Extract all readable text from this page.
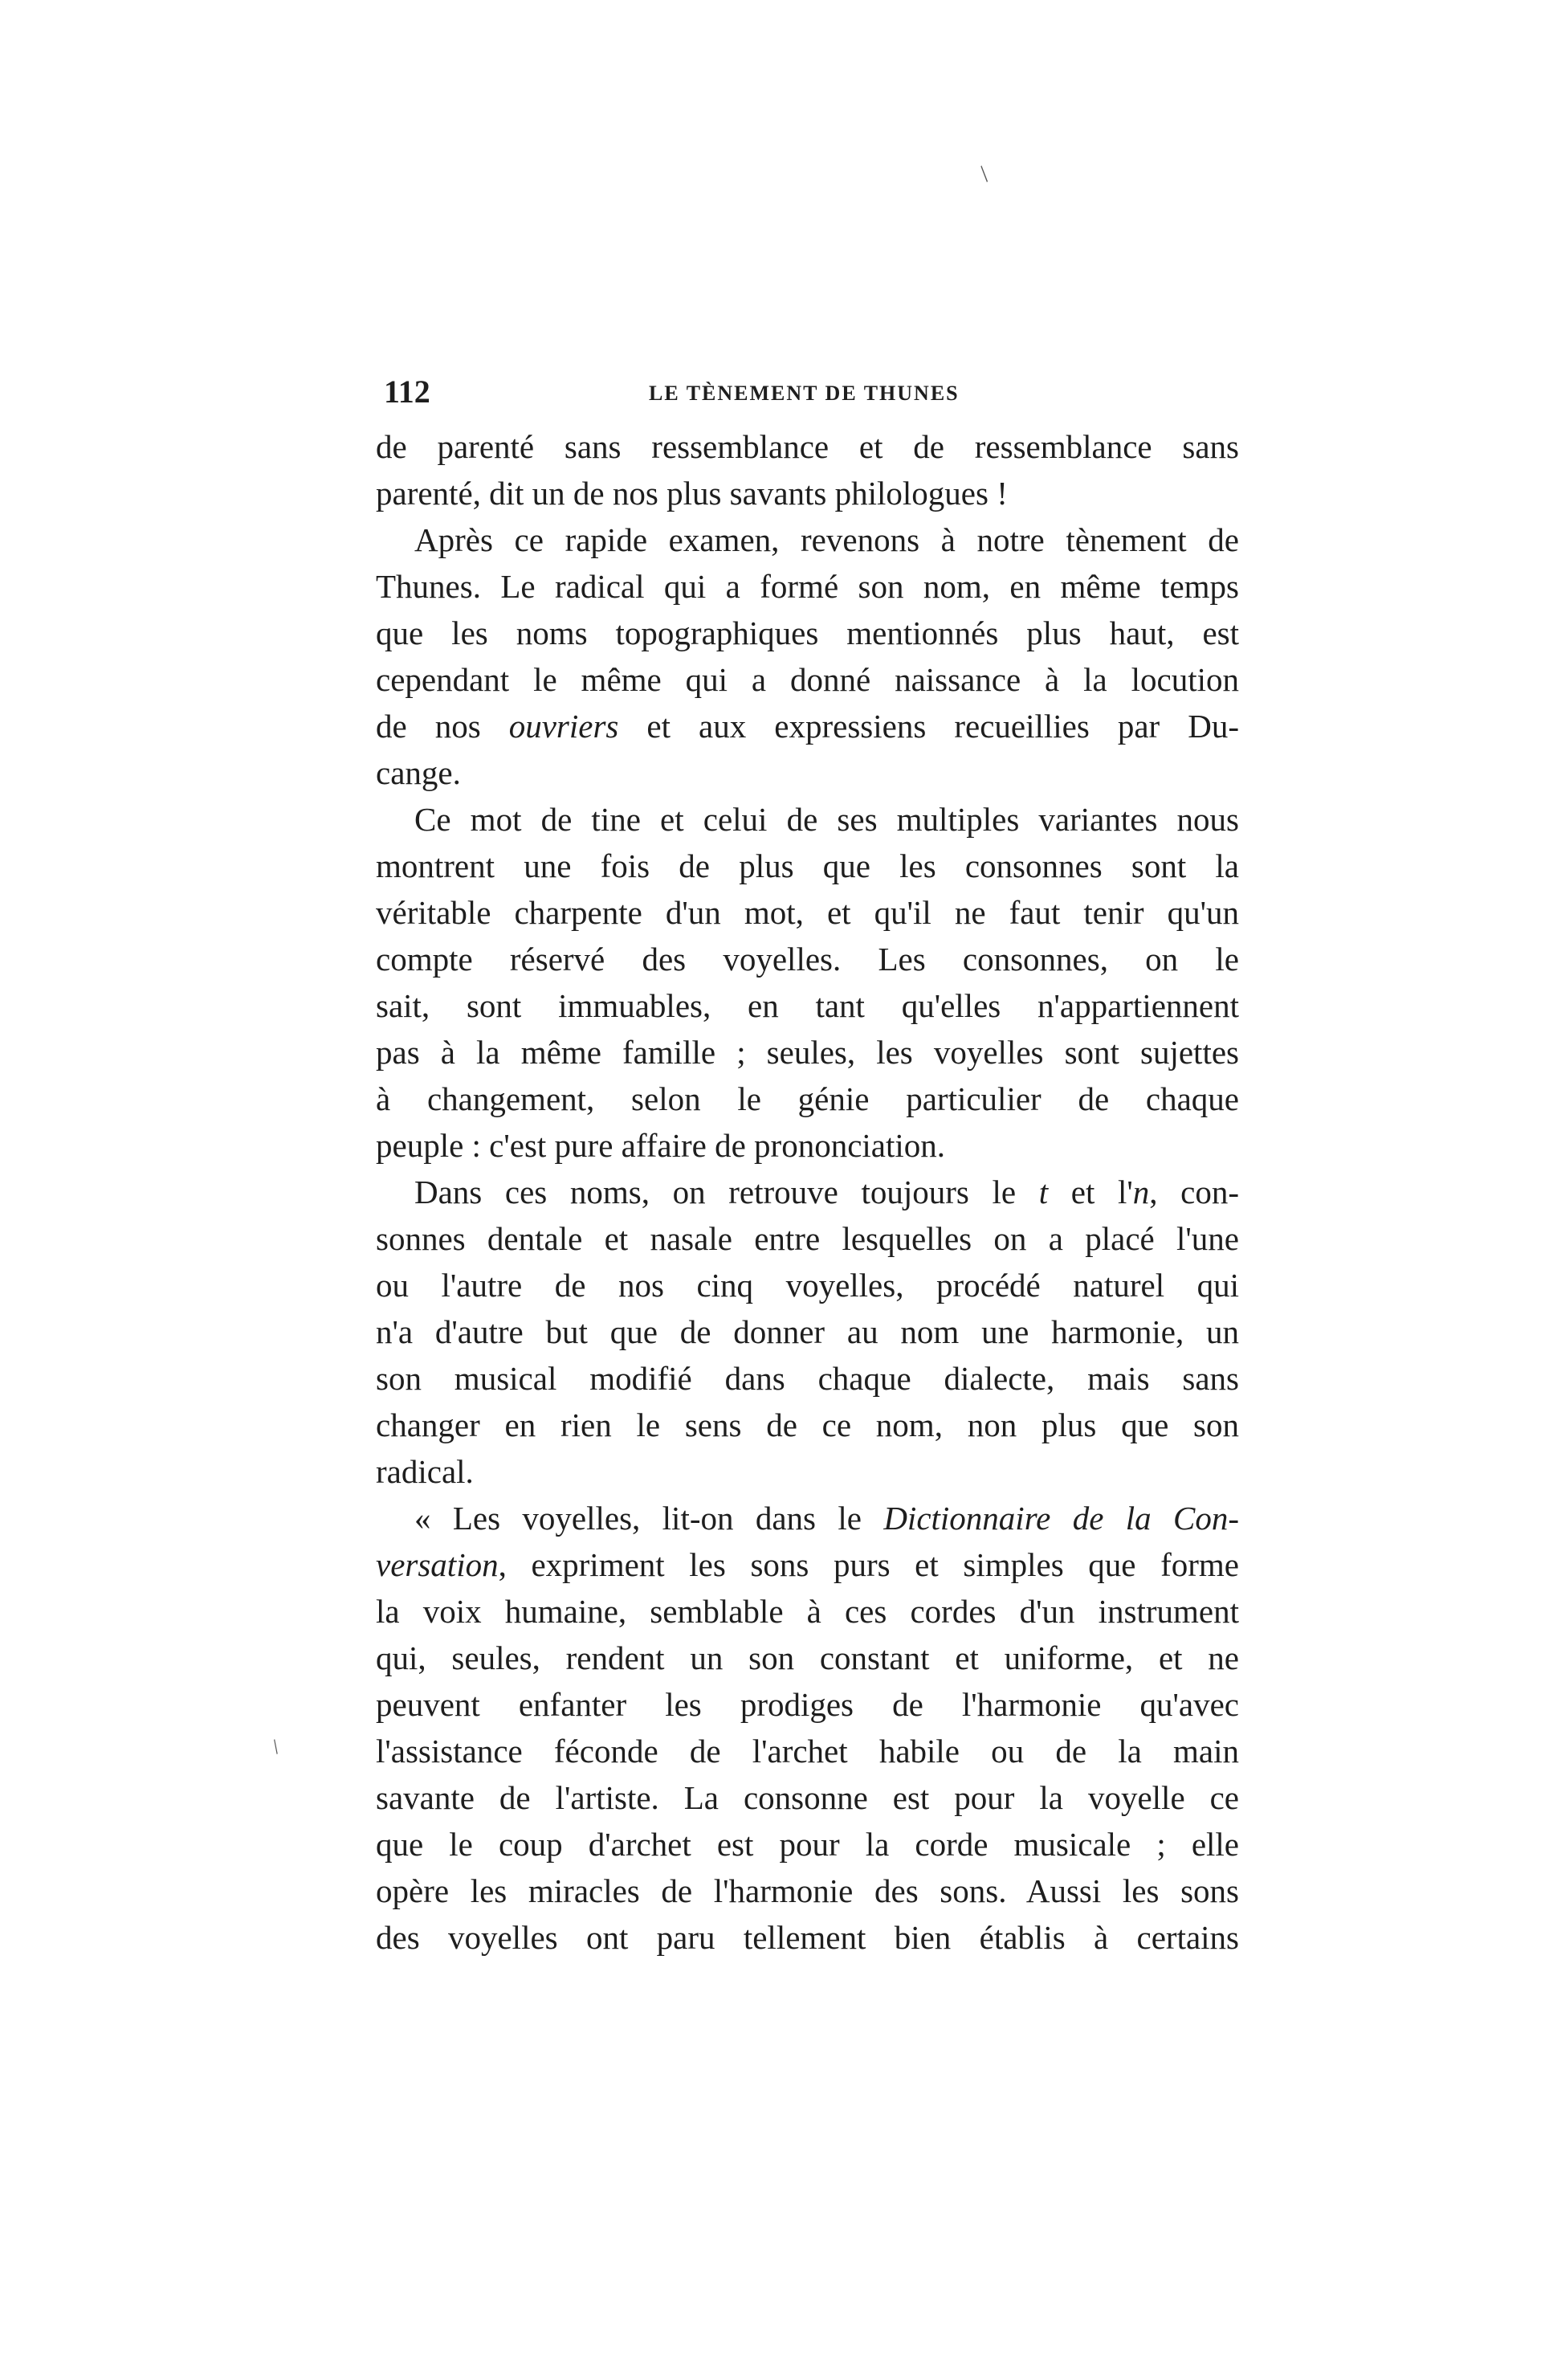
112	LE TÈNEMENT DE THUNES
de parenté sans ressemblance et de ressemblance sans
parenté, dit un de nos plus savants philologues !
Après ce rapide examen, revenons à notre tènement de
Thunes. Le radical qui a formé son nom, en même temps
que les noms topographiques mentionnés plus haut, est
cependant le même qui a donné naissance à la locution
de nos ouvriers et aux expressiens recueillies par Du-
cange.
Ce mot de tine et celui de ses multiples variantes nous
montrent une fois de plus que les consonnes sont la
véritable charpente d'un mot, et qu'il ne faut tenir qu'un
compte réservé des voyelles. Les consonnes, on le
sait, sont immuables, en tant qu'elles n'appartiennent
pas à la même famille ; seules, les voyelles sont sujettes
à changement, selon le génie particulier de chaque
peuple : c'est pure affaire de prononciation.
Dans ces noms, on retrouve toujours le t et l'n, con-
sonnes dentale et nasale entre lesquelles on a placé l'une
ou l'autre de nos cinq voyelles, procédé naturel qui
n'a d'autre but que de donner au nom une harmonie, un
son musical modifié dans chaque dialecte, mais sans
changer en rien le sens de ce nom, non plus que son
radical.
« Les voyelles, lit-on dans le Dictionnaire de la Con-
versation, expriment les sons purs et simples que forme
la voix humaine, semblable à ces cordes d'un instrument
qui, seules, rendent un son constant et uniforme, et ne
peuvent enfanter les prodiges de l'harmonie qu'avec
l'assistance féconde de l'archet habile ou de la main
savante de l'artiste. La consonne est pour la voyelle ce
que le coup d'archet est pour la corde musicale ; elle
opère les miracles de l'harmonie des sons. Aussi les sons
des voyelles ont paru tellement bien établis à certains
/
/
